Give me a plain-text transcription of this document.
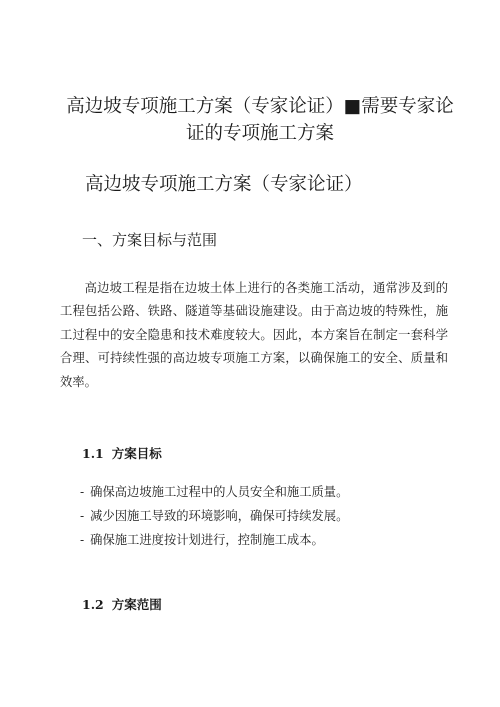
高边坡专项施工方案（专家论证）■需要专家论证的专项施工方案
高边坡专项施工方案（专家论证）
一、方案目标与范围

高边坡工程是指在边坡土体上进行的各类施工活动，通常涉及到的工程包括公路、铁路、隧道等基础设施建设。由于高边坡的特殊性，施工过程中的安全隐患和技术难度较大。因此，本方案旨在制定一套科学合理、可持续性强的高边坡专项施工方案，以确保施工的安全、质量和效率。

1.1 方案目标
- 确保高边坡施工过程中的人员安全和施工质量。
- 减少因施工导致的环境影响，确保可持续发展。
- 确保施工进度按计划进行，控制施工成本。
1.2 方案范围
